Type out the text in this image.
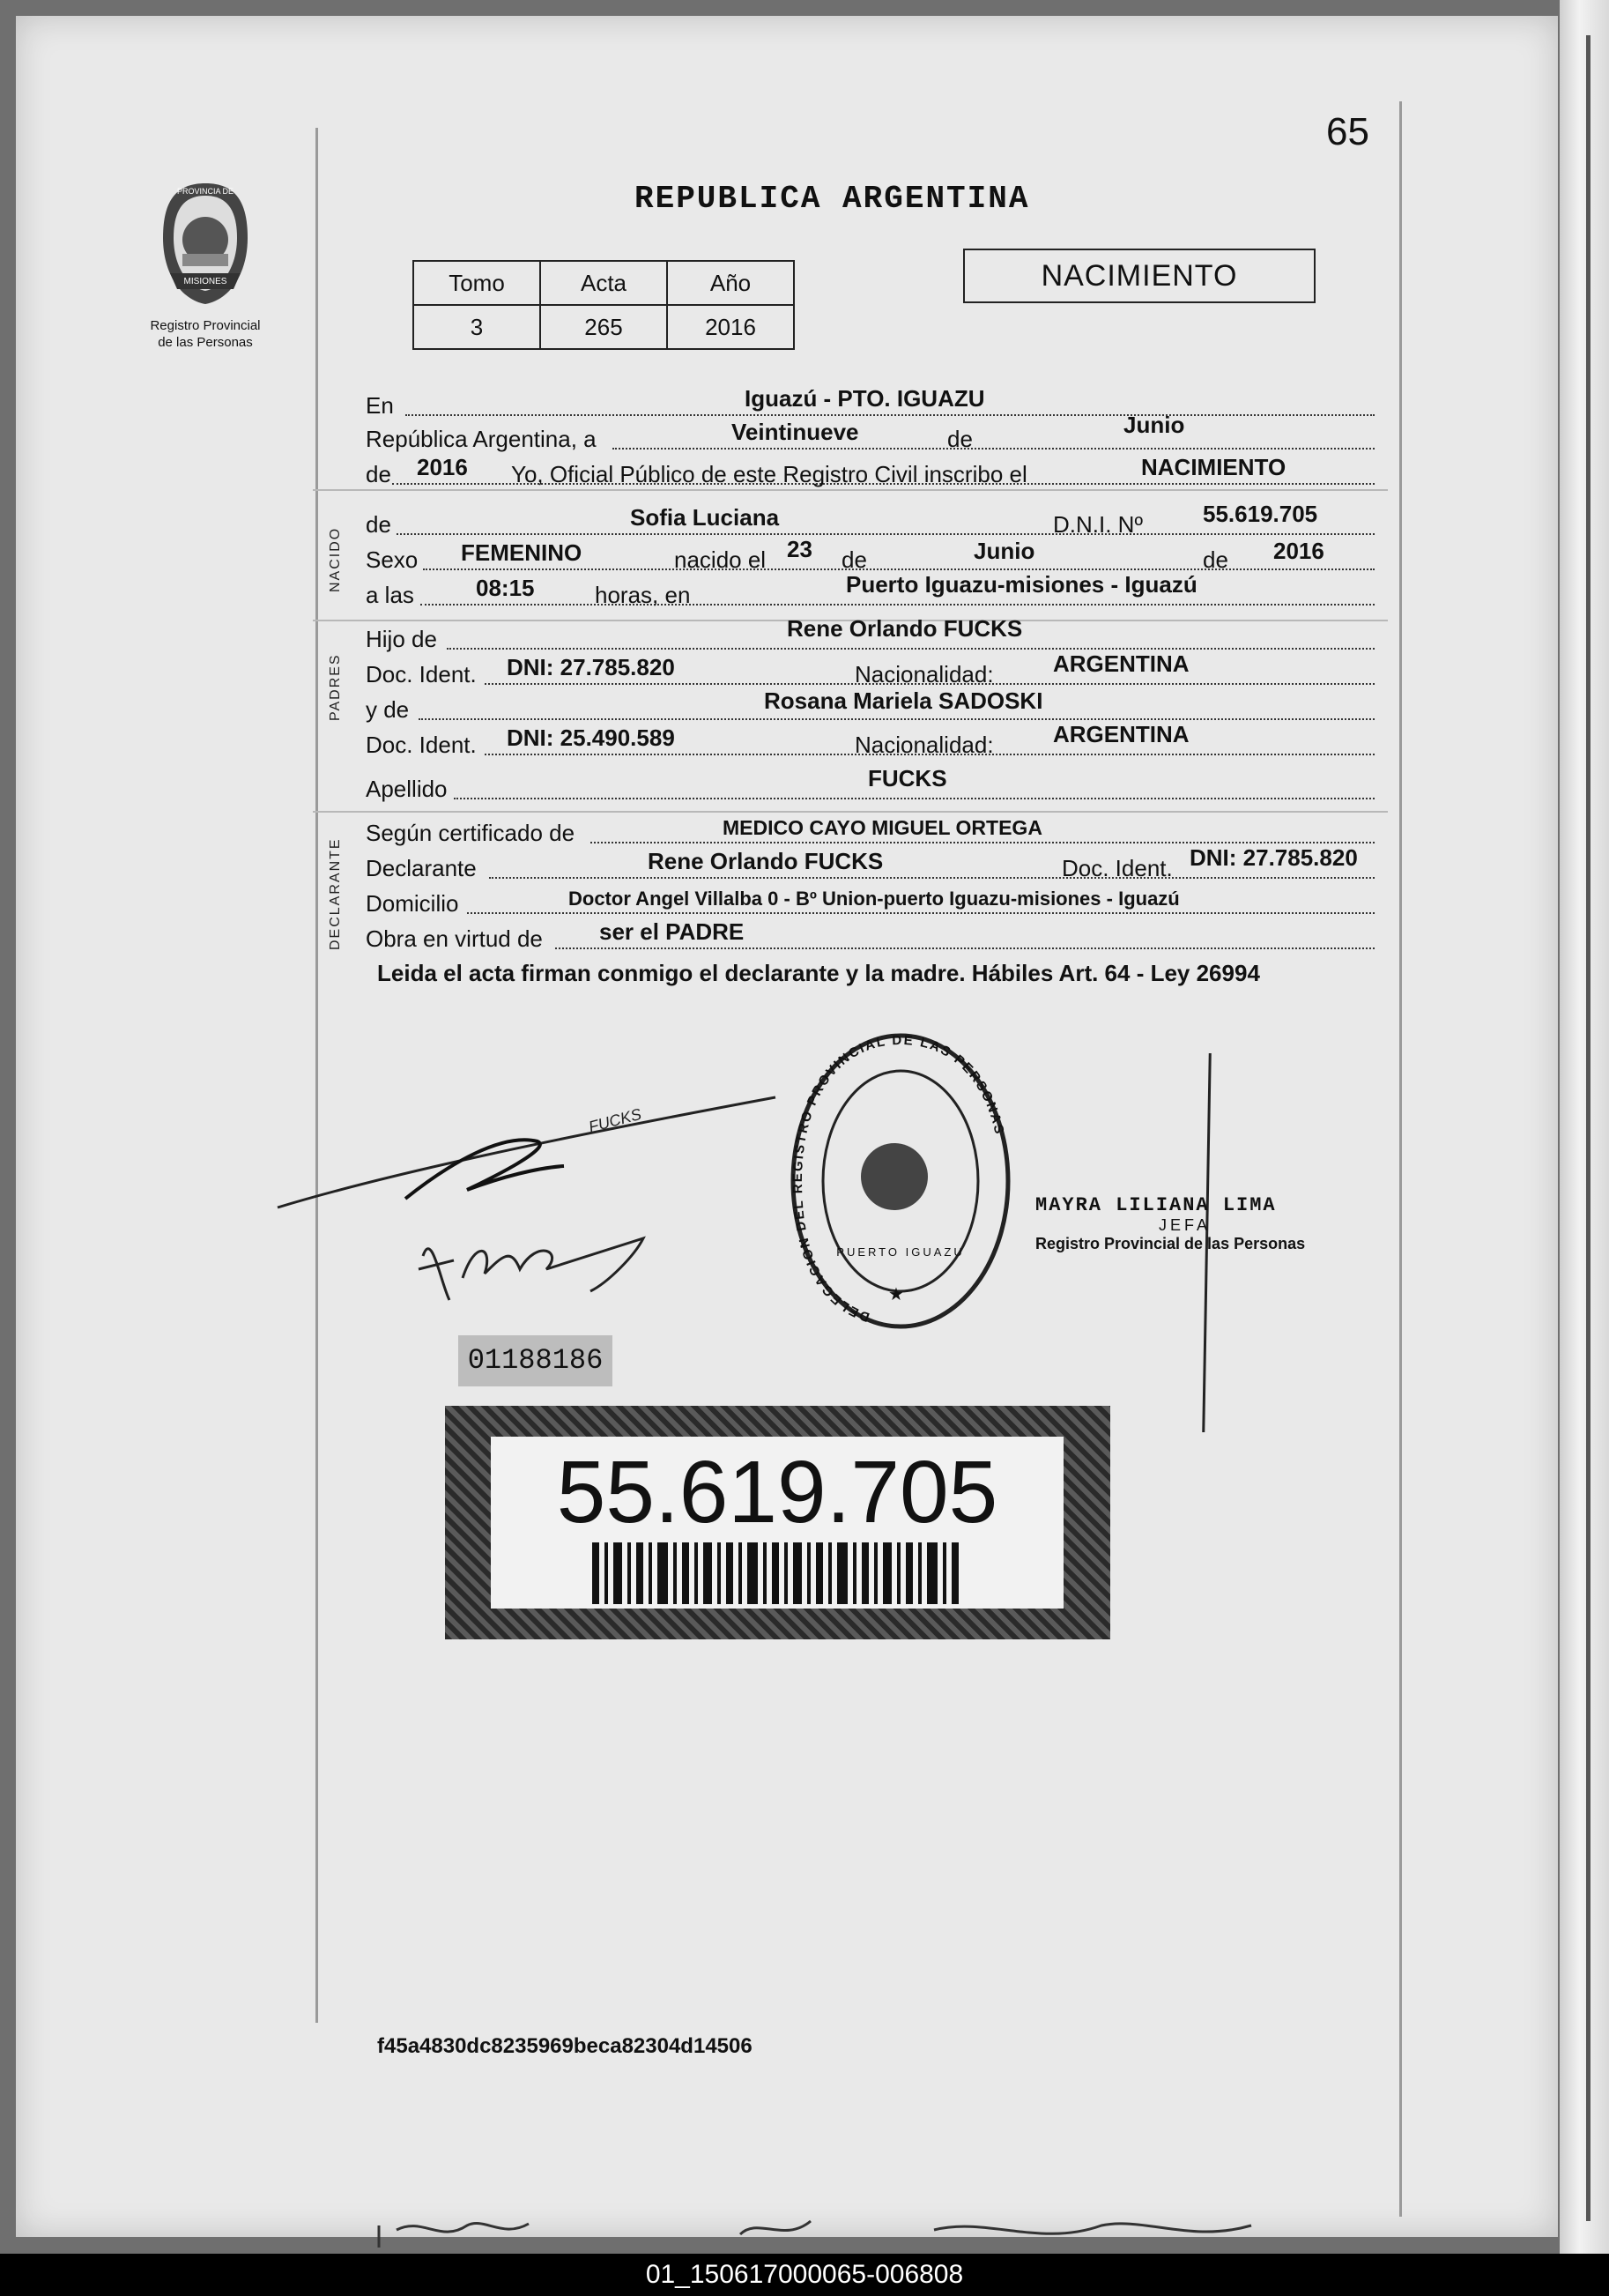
65
PROVINCIA DE
MISIONES
Registro Provincial
de las Personas
REPUBLICA ARGENTINA
Tomo	Acta	Año
3	265	2016
NACIMIENTO
En	Iguazú - PTO. IGUAZU
República Argentina, a	Veintinueve	de
Junio
de 2016 Yo, Oficial Público de este Registro Civil inscribo el	NACIMIENTO
NACIDO
de	Sofia Luciana	D.N.I. Nº	55.619.705
Sexo FEMENINO	nacido el 23 de	Junio	de 2016
a las	08:15	horas, en	Puerto Iguazu-misiones - Iguazú
PADRES
Hijo de	Rene Orlando FUCKS
Doc. Ident. DNI: 27.785.820	Nacionalidad:	ARGENTINA
y de	Rosana Mariela SADOSKI
Doc. Ident. DNI: 25.490.589	Nacionalidad:	ARGENTINA
Apellido	FUCKS
DECLARANTE
Según certificado de	MEDICO CAYO MIGUEL ORTEGA
Declarante	Rene Orlando FUCKS	Doc. Ident. DNI: 27.785.820
Domicilio	Doctor Angel Villalba 0 - Bº Union-puerto Iguazu-misiones - Iguazú
Obra en virtud de ser el PADRE
Leida el acta firman conmigo el declarante y la madre. Hábiles Art. 64 - Ley 26994
FUCKS
DELEGACION DEL REGISTRO PROVINCIAL DE LAS PERSONAS
PUERTO IGUAZU
★
MAYRA LILIANA LIMA
JEFA
Registro Provincial de las Personas
01188186
55.619.705
f45a4830dc8235969beca82304d14506
01_150617000065-006808
